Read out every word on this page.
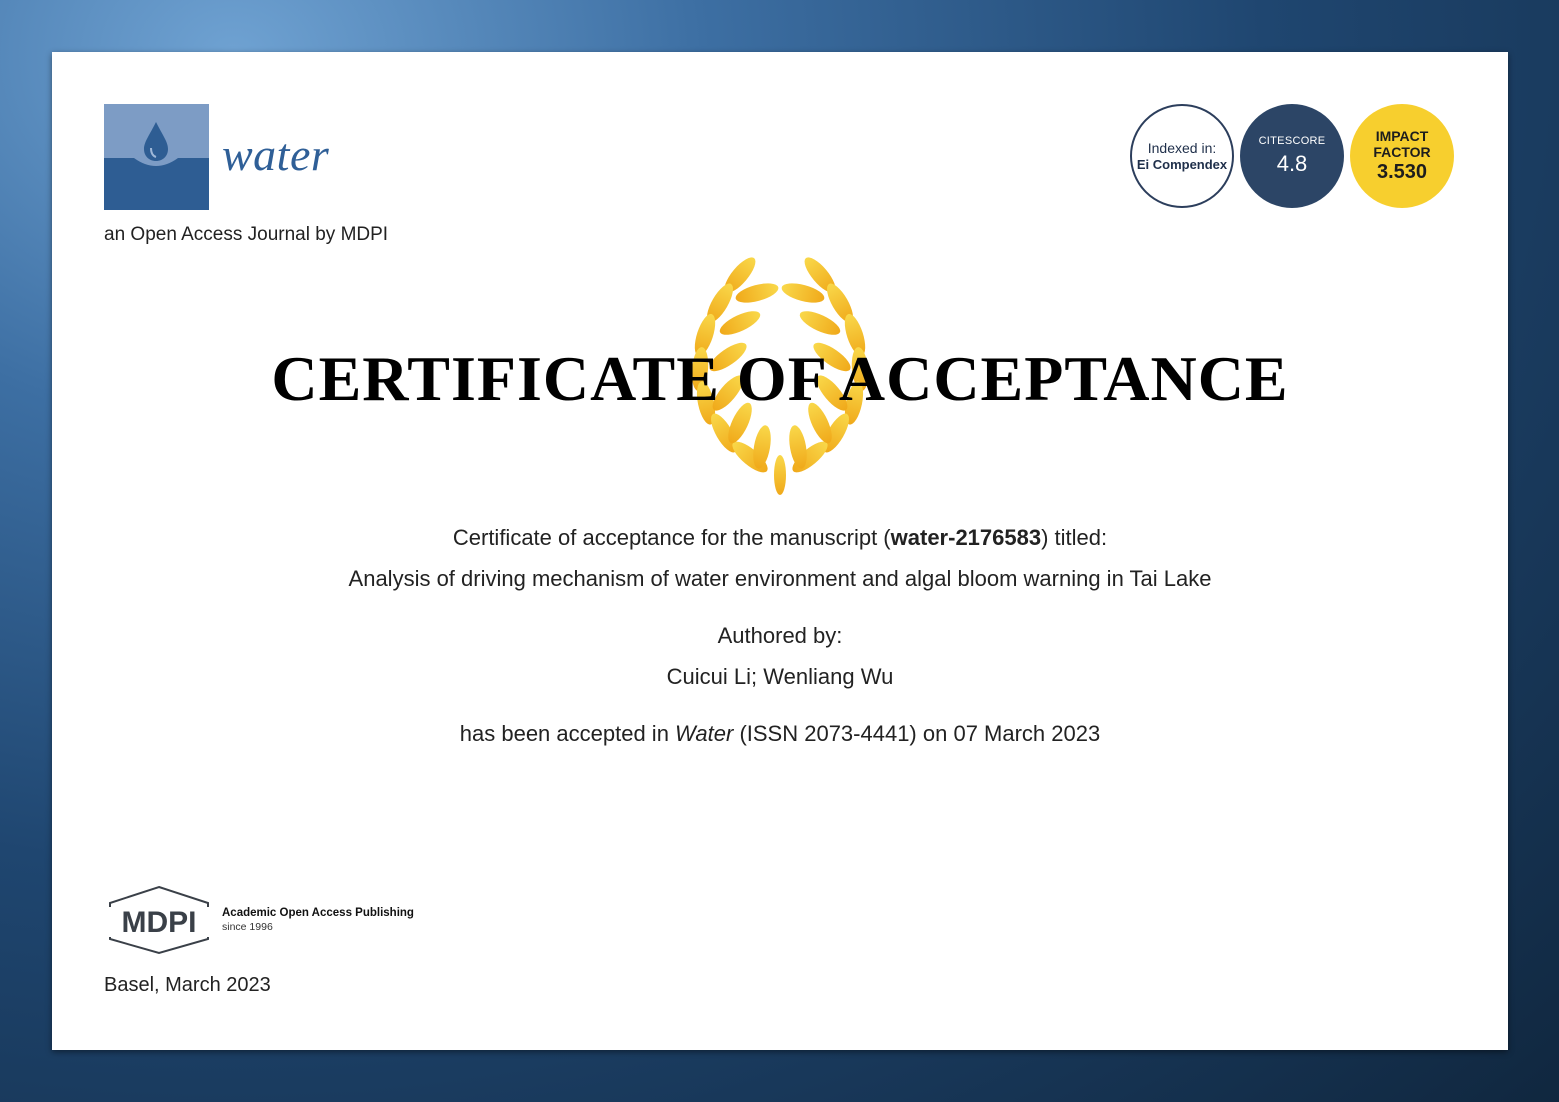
water
an Open Access Journal by MDPI
Indexed in:
Ei Compendex
CITESCORE
4.8
IMPACT
FACTOR
3.530
CERTIFICATE OF ACCEPTANCE
Certificate of acceptance for the manuscript (water-2176583) titled:
Analysis of driving mechanism of water environment and algal bloom warning in Tai Lake
Authored by:
Cuicui Li; Wenliang Wu
has been accepted in Water (ISSN 2073-4441) on 07 March 2023
MDPI Academic Open Access Publishing
since 1996
Basel, March 2023
